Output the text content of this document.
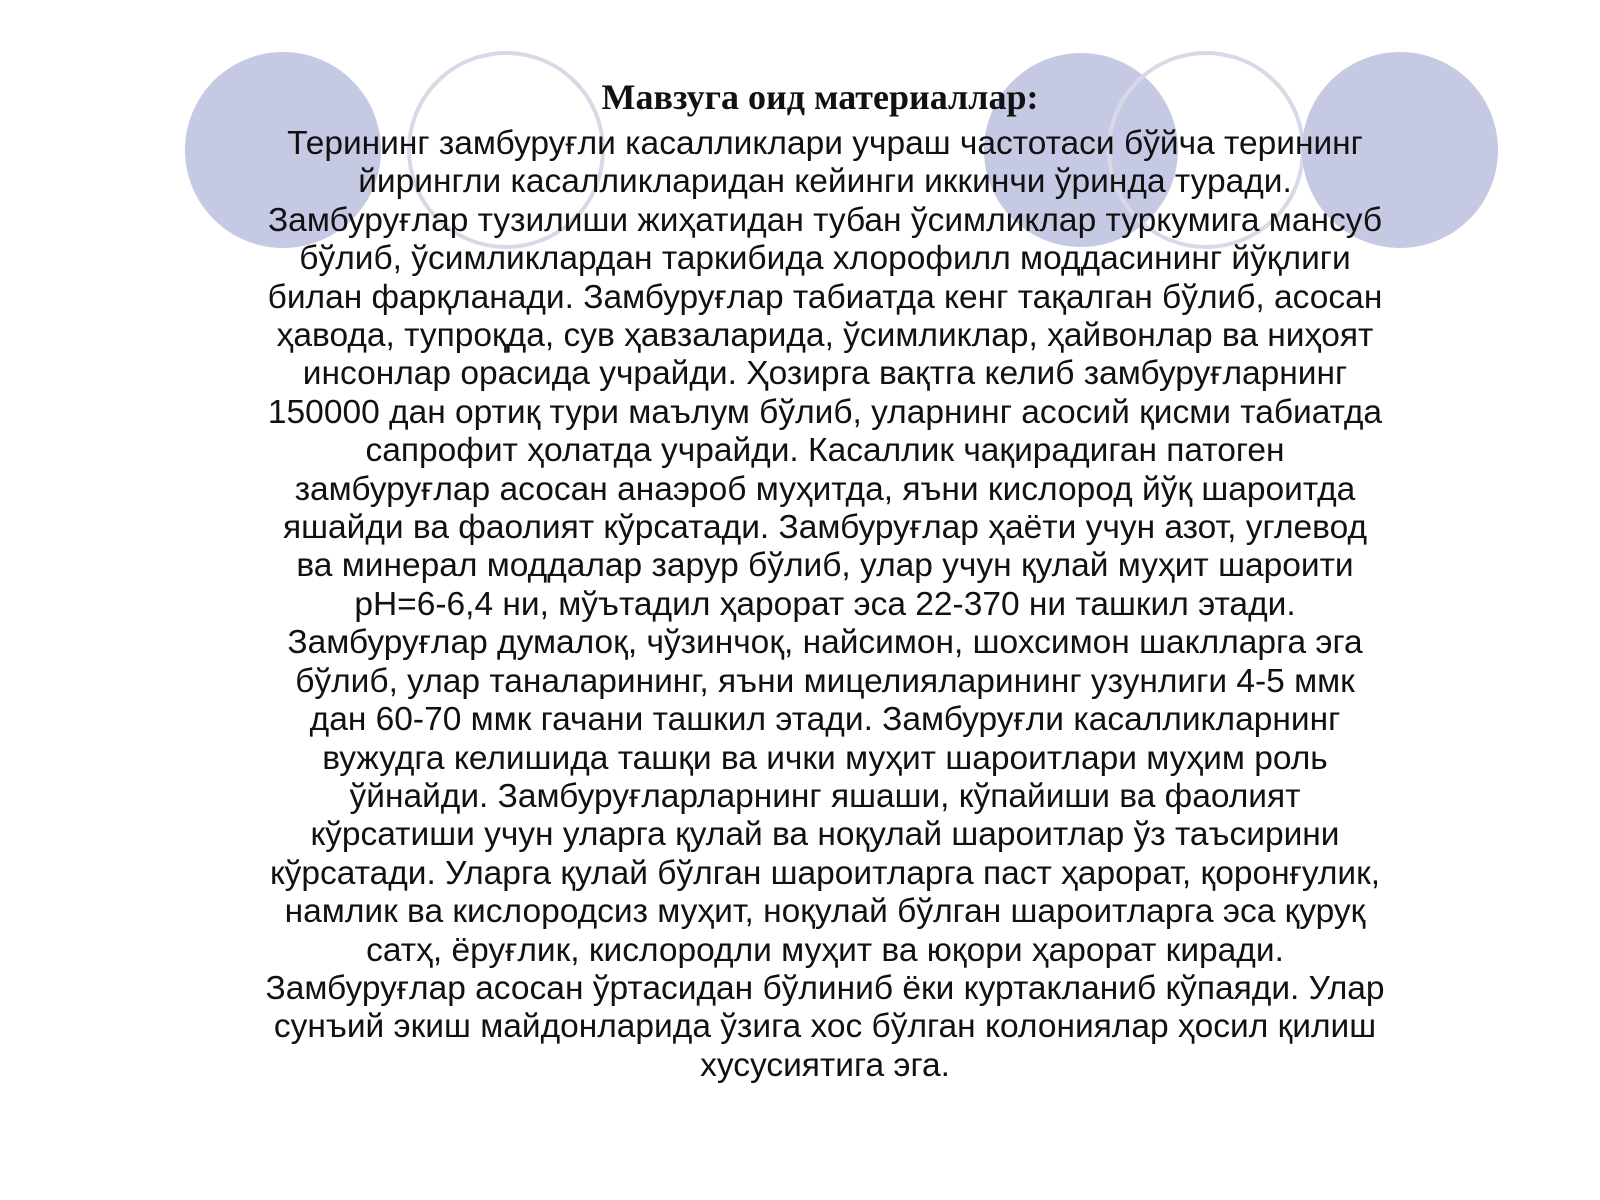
Мавзуга оид материаллар:
Терининг замбуруғли касалликлари учраш частотаси бўйча терининг
йирингли касалликларидан кейинги иккинчи ўринда туради.
Замбуруғлар тузилиши жиҳатидан тубан ўсимликлар туркумига мансуб
бўлиб, ўсимликлардан таркибида хлорофилл моддасининг йўқлиги
билан фарқланади. Замбуруғлар табиатда кенг тақалган бўлиб, асосан
ҳавода, тупроқда, сув ҳавзаларида, ўсимликлар, ҳайвонлар ва ниҳоят
инсонлар орасида учрайди. Ҳозирга вақтга келиб замбуруғларнинг
150000 дан ортиқ тури маълум бўлиб, уларнинг асосий қисми табиатда
сапрофит ҳолатда учрайди. Касаллик чақирадиган патоген
замбуруғлар асосан анаэроб муҳитда, яъни кислород йўқ шароитда
яшайди ва фаолият кўрсатади. Замбуруғлар ҳаёти учун азот, углевод
ва минерал моддалар зарур бўлиб, улар учун қулай муҳит шароити
pH=6-6,4 ни, мўътадил ҳарорат эса 22-370 ни ташкил этади.
Замбуруғлар думалоқ, чўзинчоқ, найсимон, шохсимон шаклларга эга
бўлиб, улар таналарининг, яъни мицелияларининг узунлиги 4-5 ммк
дан 60-70 ммк гачани ташкил этади. Замбуруғли касалликларнинг
вужудга келишида ташқи ва ички муҳит шароитлари муҳим роль
ўйнайди. Замбуруғларларнинг яшаши, кўпайиши ва фаолият
кўрсатиши учун уларга қулай ва ноқулай шароитлар ўз таъсирини
кўрсатади. Уларга қулай бўлган шароитларга паст ҳарорат, қоронғулик,
намлик ва кислородсиз муҳит, ноқулай бўлган шароитларга эса қуруқ
сатҳ, ёруғлик, кислородли муҳит ва юқори ҳарорат киради.
Замбуруғлар асосан ўртасидан бўлиниб ёки куртакланиб кўпаяди. Улар
сунъий экиш майдонларида ўзига хос бўлган колониялар ҳосил қилиш
хусусиятига эга.
